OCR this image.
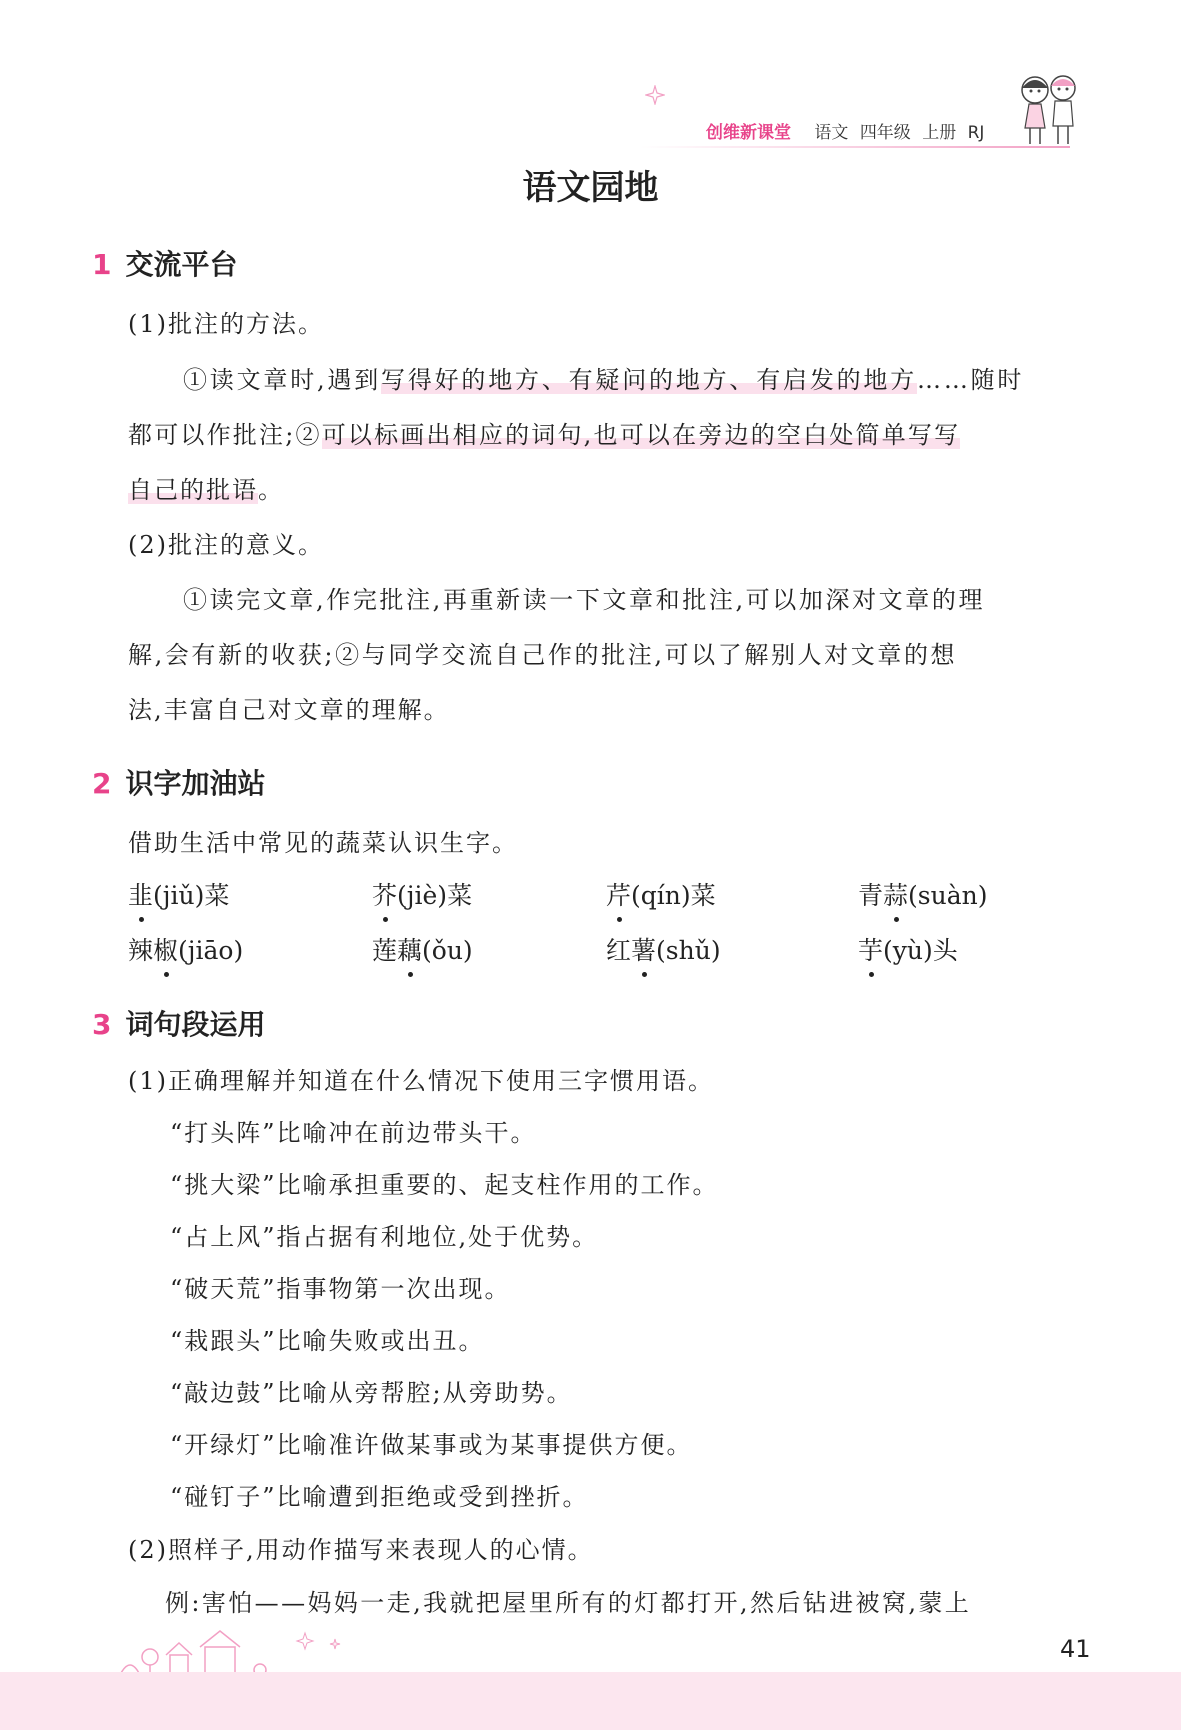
创维新课堂 语文 四年级 上册 RJ
语文园地
1 交流平台
(1)批注的方法。
①读文章时,遇到写得好的地方、有疑问的地方、有启发的地方……随时
都可以作批注;②可以标画出相应的词句,也可以在旁边的空白处简单写写
自己的批语。
(2)批注的意义。
①读完文章,作完批注,再重新读一下文章和批注,可以加深对文章的理
解,会有新的收获;②与同学交流自己作的批注,可以了解别人对文章的想
法,丰富自己对文章的理解。
2 识字加油站
借助生活中常见的蔬菜认识生字。
韭(jiǔ)菜	芥(jiè)菜	芹(qín)菜	青蒜(suàn)
辣椒(jiāo)	莲藕(ǒu)	红薯(shǔ)	芋(yù)头
3 词句段运用
(1)正确理解并知道在什么情况下使用三字惯用语。
“打头阵”比喻冲在前边带头干。
“挑大梁”比喻承担重要的、起支柱作用的工作。
“占上风”指占据有利地位,处于优势。
“破天荒”指事物第一次出现。
“栽跟头”比喻失败或出丑。
“敲边鼓”比喻从旁帮腔;从旁助势。
“开绿灯”比喻准许做某事或为某事提供方便。
“碰钉子”比喻遭到拒绝或受到挫折。
(2)照样子,用动作描写来表现人的心情。
例:害怕——妈妈一走,我就把屋里所有的灯都打开,然后钻进被窝,蒙上
41
